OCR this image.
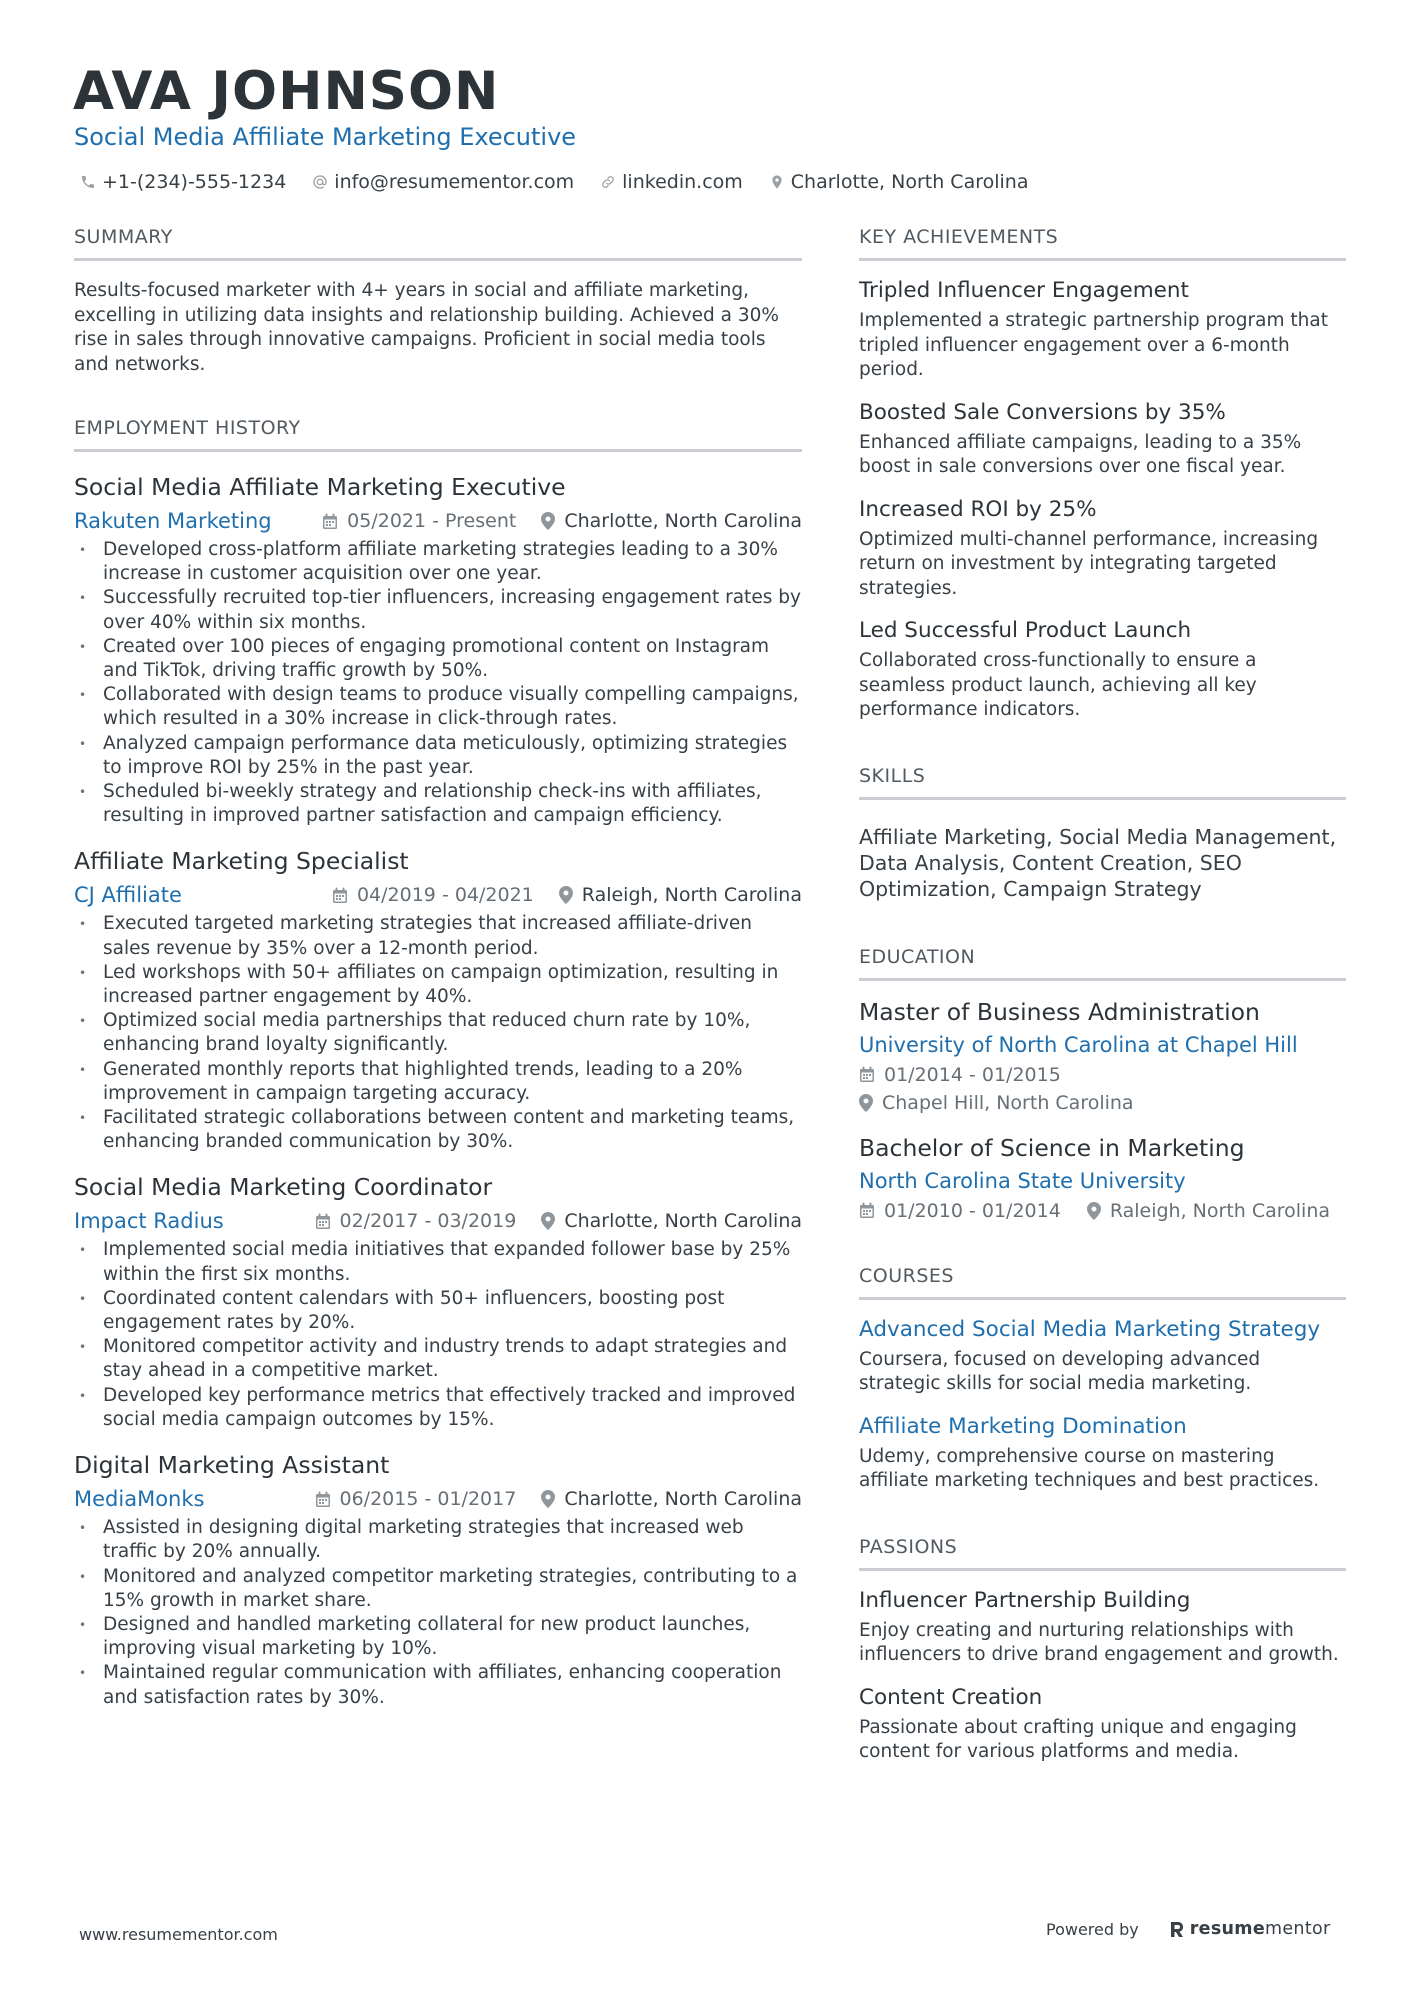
AVA JOHNSON
Social Media Affiliate Marketing Executive
+1-(234)-555-1234	info@resumementor.com	linkedin.com	Charlotte, North Carolina
SUMMARY
Results-focused marketer with 4+ years in social and affiliate marketing, excelling in utilizing data insights and relationship building. Achieved a 30% rise in sales through innovative campaigns. Proficient in social media tools and networks.
EMPLOYMENT HISTORY
Social Media Affiliate Marketing Executive
Rakuten Marketing	05/2021 - Present	Charlotte, North Carolina
• Developed cross-platform affiliate marketing strategies leading to a 30% increase in customer acquisition over one year.
• Successfully recruited top-tier influencers, increasing engagement rates by over 40% within six months.
• Created over 100 pieces of engaging promotional content on Instagram and TikTok, driving traffic growth by 50%.
• Collaborated with design teams to produce visually compelling campaigns, which resulted in a 30% increase in click-through rates.
• Analyzed campaign performance data meticulously, optimizing strategies to improve ROI by 25% in the past year.
• Scheduled bi-weekly strategy and relationship check-ins with affiliates, resulting in improved partner satisfaction and campaign efficiency.
Affiliate Marketing Specialist
CJ Affiliate	04/2019 - 04/2021	Raleigh, North Carolina
• Executed targeted marketing strategies that increased affiliate-driven sales revenue by 35% over a 12-month period.
• Led workshops with 50+ affiliates on campaign optimization, resulting in increased partner engagement by 40%.
• Optimized social media partnerships that reduced churn rate by 10%, enhancing brand loyalty significantly.
• Generated monthly reports that highlighted trends, leading to a 20% improvement in campaign targeting accuracy.
• Facilitated strategic collaborations between content and marketing teams, enhancing branded communication by 30%.
Social Media Marketing Coordinator
Impact Radius	02/2017 - 03/2019	Charlotte, North Carolina
• Implemented social media initiatives that expanded follower base by 25% within the first six months.
• Coordinated content calendars with 50+ influencers, boosting post engagement rates by 20%.
• Monitored competitor activity and industry trends to adapt strategies and stay ahead in a competitive market.
• Developed key performance metrics that effectively tracked and improved social media campaign outcomes by 15%.
Digital Marketing Assistant
MediaMonks	06/2015 - 01/2017	Charlotte, North Carolina
• Assisted in designing digital marketing strategies that increased web traffic by 20% annually.
• Monitored and analyzed competitor marketing strategies, contributing to a 15% growth in market share.
• Designed and handled marketing collateral for new product launches, improving visual marketing by 10%.
• Maintained regular communication with affiliates, enhancing cooperation and satisfaction rates by 30%.
KEY ACHIEVEMENTS
Tripled Influencer Engagement
Implemented a strategic partnership program that tripled influencer engagement over a 6-month period.
Boosted Sale Conversions by 35%
Enhanced affiliate campaigns, leading to a 35% boost in sale conversions over one fiscal year.
Increased ROI by 25%
Optimized multi-channel performance, increasing return on investment by integrating targeted strategies.
Led Successful Product Launch
Collaborated cross-functionally to ensure a seamless product launch, achieving all key performance indicators.
SKILLS
Affiliate Marketing, Social Media Management, Data Analysis, Content Creation, SEO Optimization, Campaign Strategy
EDUCATION
Master of Business Administration
University of North Carolina at Chapel Hill
01/2014 - 01/2015
Chapel Hill, North Carolina
Bachelor of Science in Marketing
North Carolina State University
01/2010 - 01/2014	Raleigh, North Carolina
COURSES
Advanced Social Media Marketing Strategy
Coursera, focused on developing advanced strategic skills for social media marketing.
Affiliate Marketing Domination
Udemy, comprehensive course on mastering affiliate marketing techniques and best practices.
PASSIONS
Influencer Partnership Building
Enjoy creating and nurturing relationships with influencers to drive brand engagement and growth.
Content Creation
Passionate about crafting unique and engaging content for various platforms and media.
www.resumementor.com	Powered by	resume mentor
